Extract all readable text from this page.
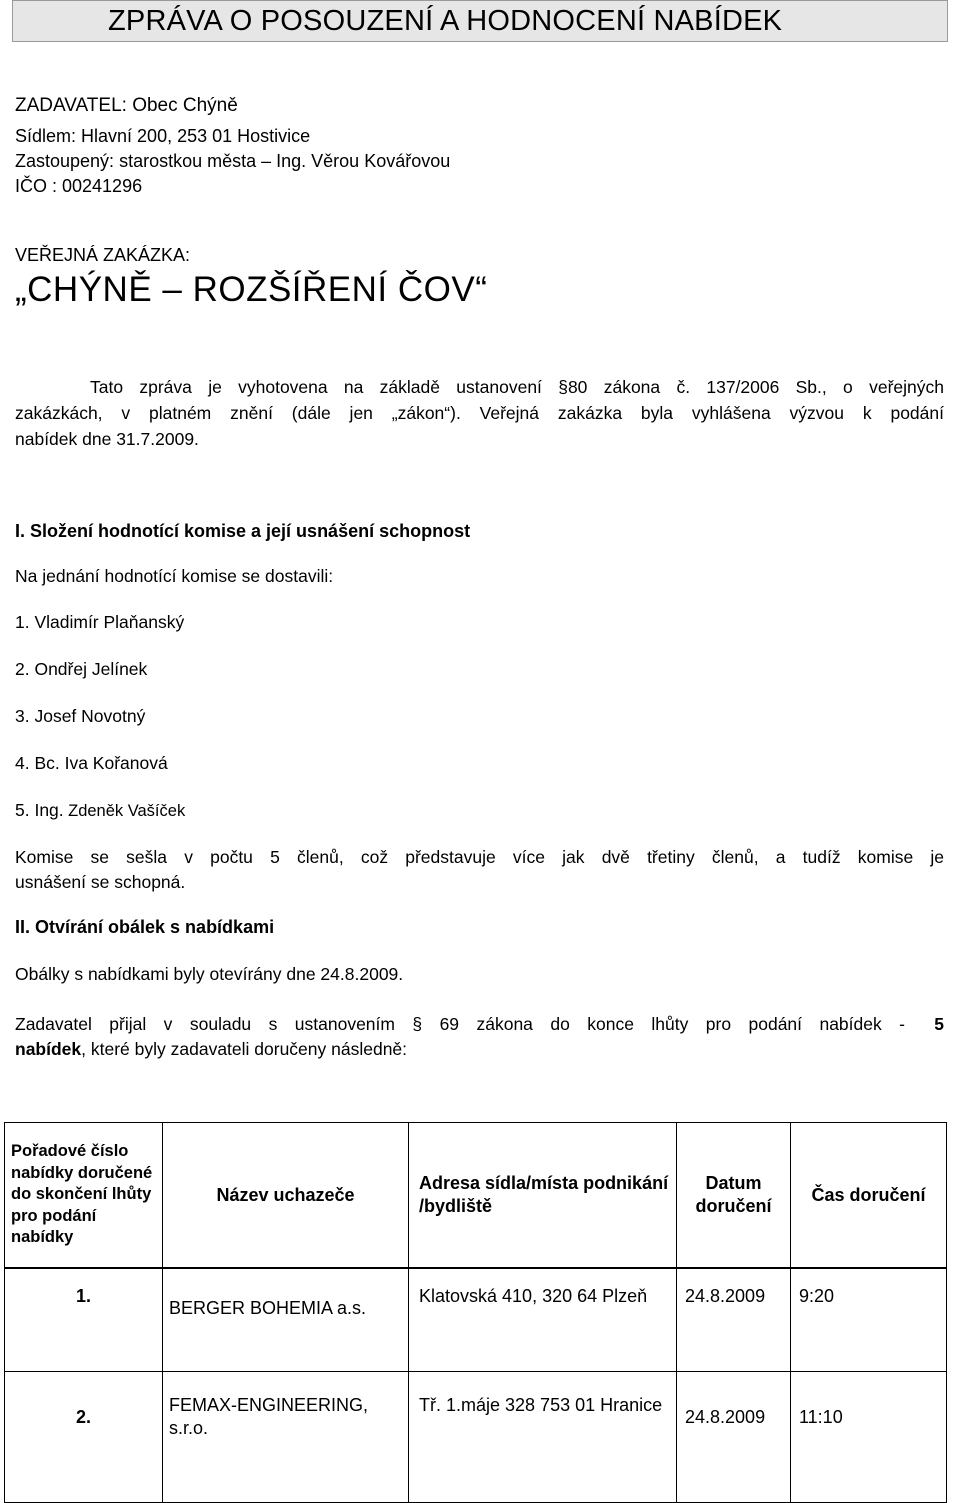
ZPRÁVA O POSOUZENÍ A HODNOCENÍ NABÍDEK
ZADAVATEL: Obec Chýně
Sídlem: Hlavní 200, 253 01 Hostivice
Zastoupený: starostkou města – Ing. Věrou Kovářovou
IČO : 00241296
VEŘEJNÁ ZAKÁZKA:
„CHÝNĚ – ROZŠÍŘENÍ ČOV“
Tato zpráva je vyhotovena na základě ustanovení §80 zákona č. 137/2006 Sb., o veřejných
zakázkách, v platném znění (dále jen „zákon“). Veřejná zakázka byla vyhlášena výzvou k podání
nabídek dne 31.7.2009.
I. Složení hodnotící komise a její usnášení schopnost
Na jednání hodnotící komise se dostavili:
1. Vladimír Plaňanský
2. Ondřej Jelínek
3. Josef Novotný
4. Bc. Iva Kořanová
5. Ing. Zdeněk Vašíček
Komise se sešla v počtu 5 členů, což představuje více jak dvě třetiny členů, a tudíž komise je
usnášení se schopná.
II. Otvírání obálek s nabídkami
Obálky s nabídkami byly otevírány dne 24.8.2009.
Zadavatel přijal v souladu s ustanovením § 69 zákona do konce lhůty pro podání nabídek - 5
nabídek, které byly zadavateli doručeny následně:
Pořadové číslo nabídky doručené do skončení lhůty pro podání nabídky	Název uchazeče	Adresa sídla/místa podnikání /bydliště	Datum doručení	Čas doručení

1.	BERGER BOHEMIA a.s.	Klatovská 410, 320 64 Plzeň	24.8.2009	9:20
2.	FEMAX-ENGINEERING, s.r.o.	Tř. 1.máje 328 753 01 Hranice	24.8.2009	11:10
